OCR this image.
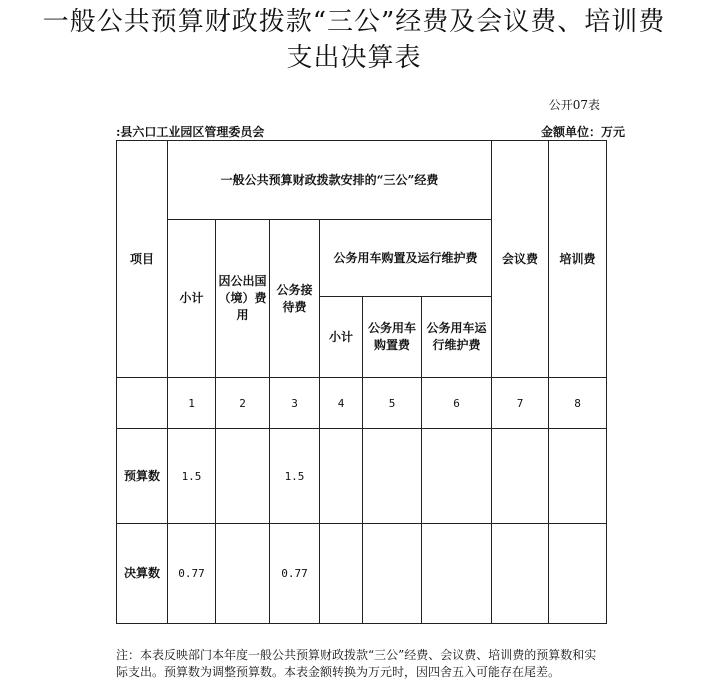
一般公共预算财政拨款“三公”经费及会议费、培训费
支出决算表
公开07表
:县六口工业园区管理委员会	金额单位：万元
项目	一般公共预算财政拨款安排的“三公”经费						会议费	培训费
	小计	因公出国（境）费用	公务接待费	公务用车购置及运行维护费				
				小计	公务用车购置费	公务用车运行维护费		
	1	2	3	4	5	6	7	8
预算数	1.5		1.5					
决算数	0.77		0.77					
注：本表反映部门本年度一般公共预算财政拨款“三公”经费、会议费、培训费的预算数和实际支出。预算数为调整预算数。本表金额转换为万元时，因四舍五入可能存在尾差。
